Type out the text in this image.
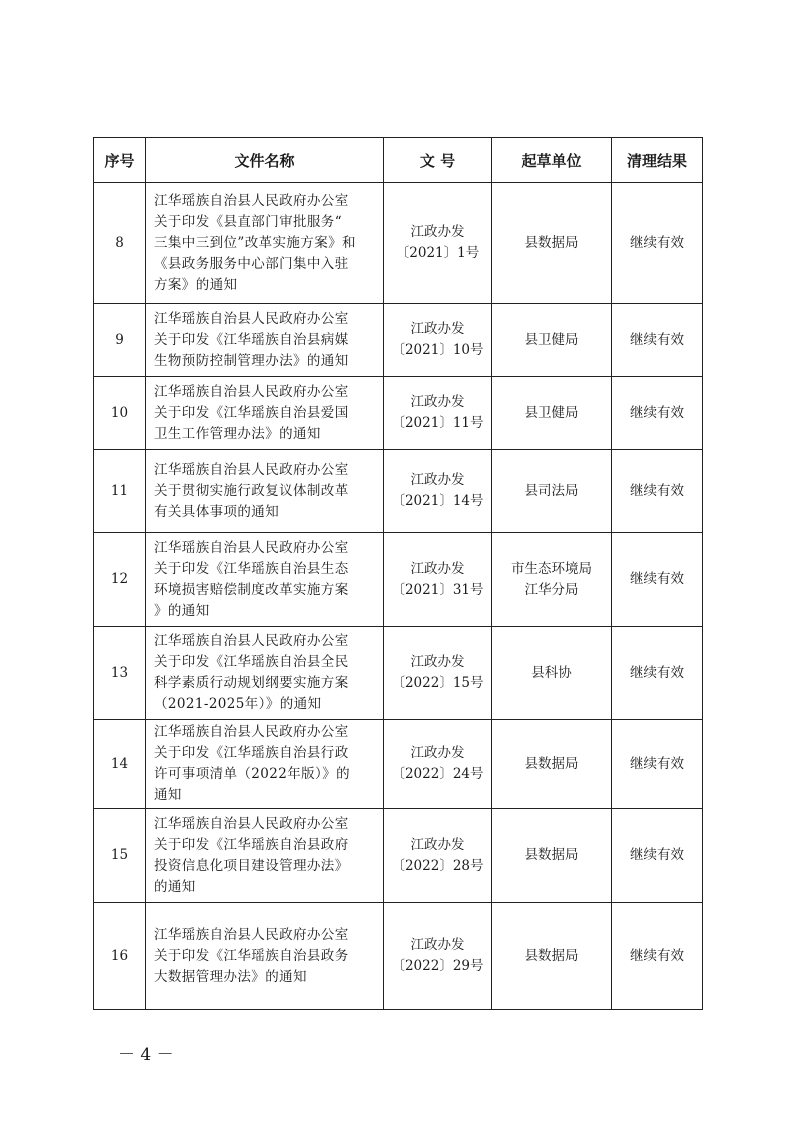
序号	文件名称	文 号	起草单位	清理结果
8	江华瑶族自治县人民政府办公室
关于印发《县直部门审批服务“
三集中三到位”改革实施方案》和
《县政务服务中心部门集中入驻
方案》的通知	江政办发
〔2021〕1号	县数据局	继续有效
9	江华瑶族自治县人民政府办公室
关于印发《江华瑶族自治县病媒
生物预防控制管理办法》的通知	江政办发
〔2021〕10号	县卫健局	继续有效
10	江华瑶族自治县人民政府办公室
关于印发《江华瑶族自治县爱国
卫生工作管理办法》的通知	江政办发
〔2021〕11号	县卫健局	继续有效
11	江华瑶族自治县人民政府办公室
关于贯彻实施行政复议体制改革
有关具体事项的通知	江政办发
〔2021〕14号	县司法局	继续有效
12	江华瑶族自治县人民政府办公室
关于印发《江华瑶族自治县生态
环境损害赔偿制度改革实施方案
》的通知	江政办发
〔2021〕31号	市生态环境局
江华分局	继续有效
13	江华瑶族自治县人民政府办公室
关于印发《江华瑶族自治县全民
科学素质行动规划纲要实施方案
（2021-2025年）》的通知	江政办发
〔2022〕15号	县科协	继续有效
14	江华瑶族自治县人民政府办公室
关于印发《江华瑶族自治县行政
许可事项清单（2022年版）》的
通知	江政办发
〔2022〕24号	县数据局	继续有效
15	江华瑶族自治县人民政府办公室
关于印发《江华瑶族自治县政府
投资信息化项目建设管理办法》
的通知	江政办发
〔2022〕28号	县数据局	继续有效
16	江华瑶族自治县人民政府办公室
关于印发《江华瑶族自治县政务
大数据管理办法》的通知	江政办发
〔2022〕29号	县数据局	继续有效
－ 4 －
